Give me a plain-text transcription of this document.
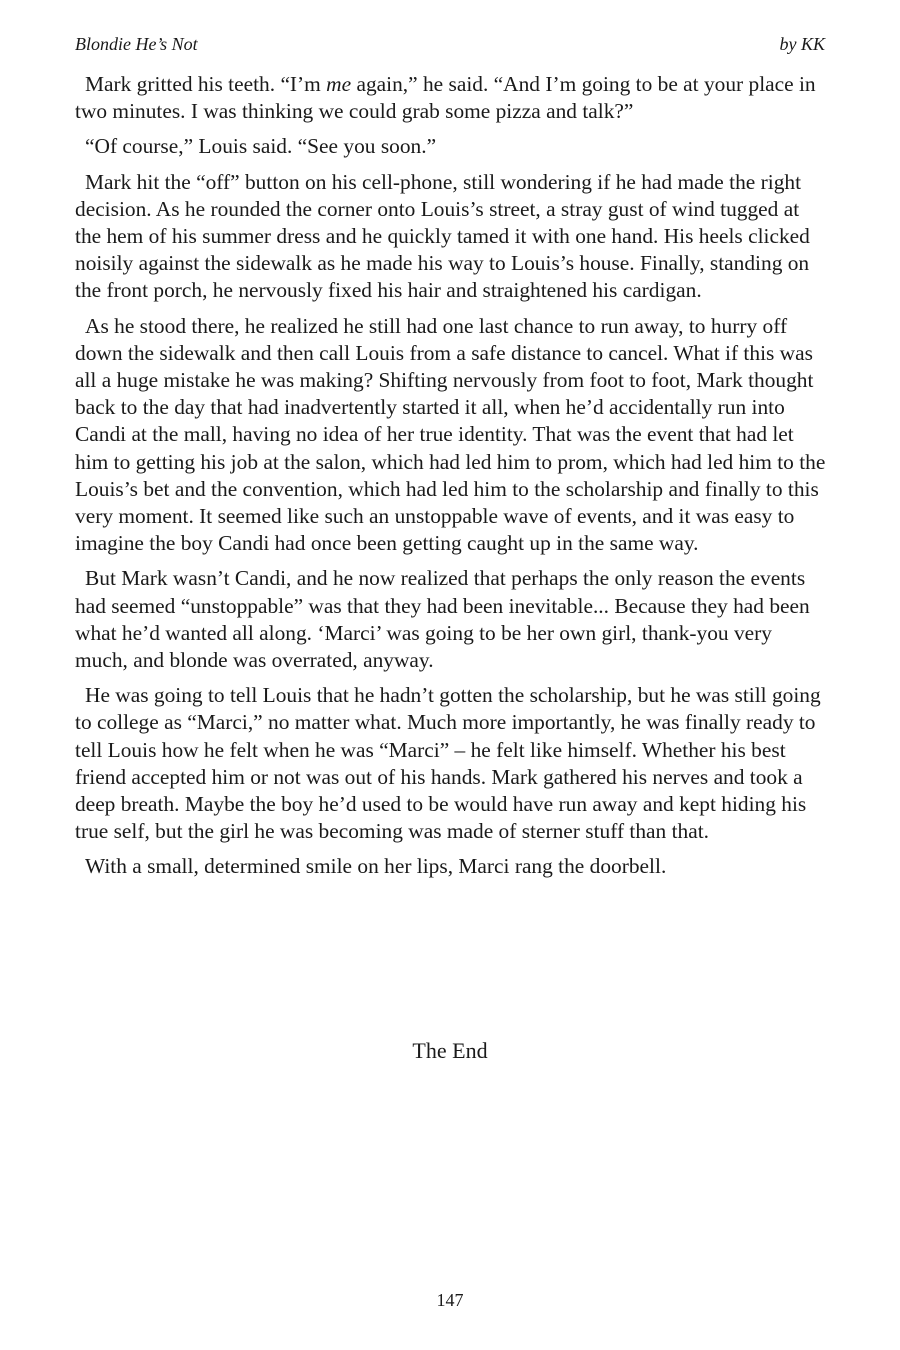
Blondie He’s Not	by KK

Mark gritted his teeth. “I’m me again,” he said. “And I’m going to be at your place in two minutes. I was thinking we could grab some pizza and talk?”

“Of course,” Louis said. “See you soon.”

Mark hit the “off” button on his cell-phone, still wondering if he had made the right decision. As he rounded the corner onto Louis’s street, a stray gust of wind tugged at the hem of his summer dress and he quickly tamed it with one hand. His heels clicked noisily against the sidewalk as he made his way to Louis’s house. Finally, standing on the front porch, he nervously fixed his hair and straightened his cardigan.

As he stood there, he realized he still had one last chance to run away, to hurry off down the sidewalk and then call Louis from a safe distance to cancel. What if this was all a huge mistake he was making? Shifting nervously from foot to foot, Mark thought back to the day that had inadvertently started it all, when he’d accidentally run into Candi at the mall, having no idea of her true identity. That was the event that had let him to getting his job at the salon, which had led him to prom, which had led him to the Louis’s bet and the convention, which had led him to the scholarship and finally to this very moment. It seemed like such an unstoppable wave of events, and it was easy to imagine the boy Candi had once been getting caught up in the same way.

But Mark wasn’t Candi, and he now realized that perhaps the only reason the events had seemed “unstoppable” was that they had been inevitable... Because they had been what he’d wanted all along. ‘Marci’ was going to be her own girl, thank-you very much, and blonde was overrated, anyway.

He was going to tell Louis that he hadn’t gotten the scholarship, but he was still going to college as “Marci,” no matter what. Much more importantly, he was finally ready to tell Louis how he felt when he was “Marci” – he felt like himself. Whether his best friend accepted him or not was out of his hands. Mark gathered his nerves and took a deep breath. Maybe the boy he’d used to be would have run away and kept hiding his true self, but the girl he was becoming was made of sterner stuff than that.

With a small, determined smile on her lips, Marci rang the doorbell.

The End
147
